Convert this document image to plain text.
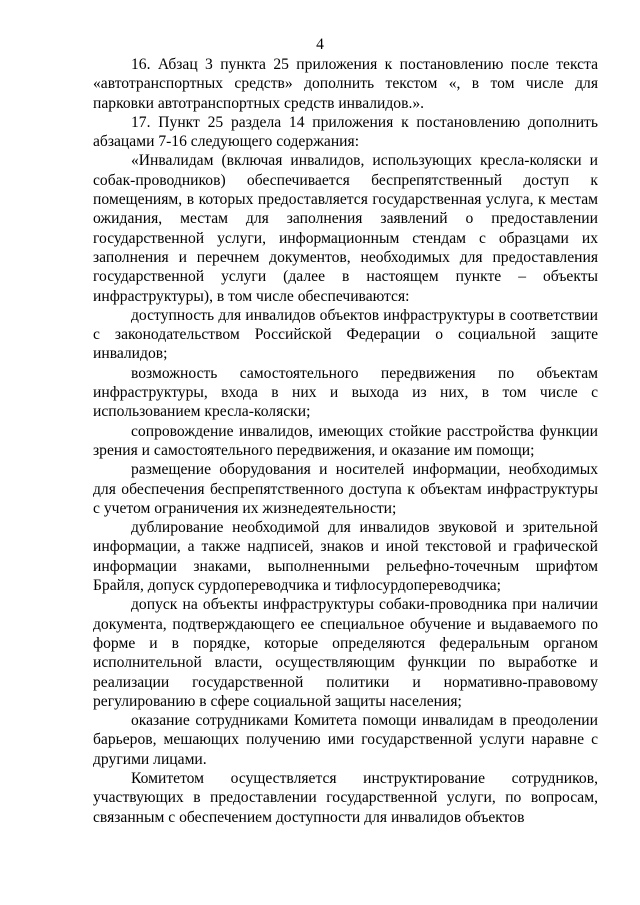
4

16. Абзац 3 пункта 25 приложения к постановлению после текста «автотранспортных средств» дополнить текстом «, в том числе для парковки автотранспортных средств инвалидов.».

17. Пункт 25 раздела 14 приложения к постановлению дополнить абзацами 7-16 следующего содержания:

«Инвалидам (включая инвалидов, использующих кресла-коляски и собак-проводников) обеспечивается беспрепятственный доступ к помещениям, в которых предоставляется государственная услуга, к местам ожидания, местам для заполнения заявлений о предоставлении государственной услуги, информационным стендам с образцами их заполнения и перечнем документов, необходимых для предоставления государственной услуги (далее в настоящем пункте – объекты инфраструктуры), в том числе обеспечиваются:

доступность для инвалидов объектов инфраструктуры в соответствии с законодательством Российской Федерации о социальной защите инвалидов;

возможность самостоятельного передвижения по объектам инфраструктуры, входа в них и выхода из них, в том числе с использованием кресла-коляски;

сопровождение инвалидов, имеющих стойкие расстройства функции зрения и самостоятельного передвижения, и оказание им помощи;

размещение оборудования и носителей информации, необходимых для обеспечения беспрепятственного доступа к объектам инфраструктуры с учетом ограничения их жизнедеятельности;

дублирование необходимой для инвалидов звуковой и зрительной информации, а также надписей, знаков и иной текстовой и графической информации знаками, выполненными рельефно-точечным шрифтом Брайля, допуск сурдопереводчика и тифлосурдопереводчика;

допуск на объекты инфраструктуры собаки-проводника при наличии документа, подтверждающего ее специальное обучение и выдаваемого по форме и в порядке, которые определяются федеральным органом исполнительной власти, осуществляющим функции по выработке и реализации государственной политики и нормативно-правовому регулированию в сфере социальной защиты населения;

оказание сотрудниками Комитета помощи инвалидам в преодолении барьеров, мешающих получению ими государственной услуги наравне с другими лицами.

Комитетом осуществляется инструктирование сотрудников, участвующих в предоставлении государственной услуги, по вопросам, связанным с обеспечением доступности для инвалидов объектов
